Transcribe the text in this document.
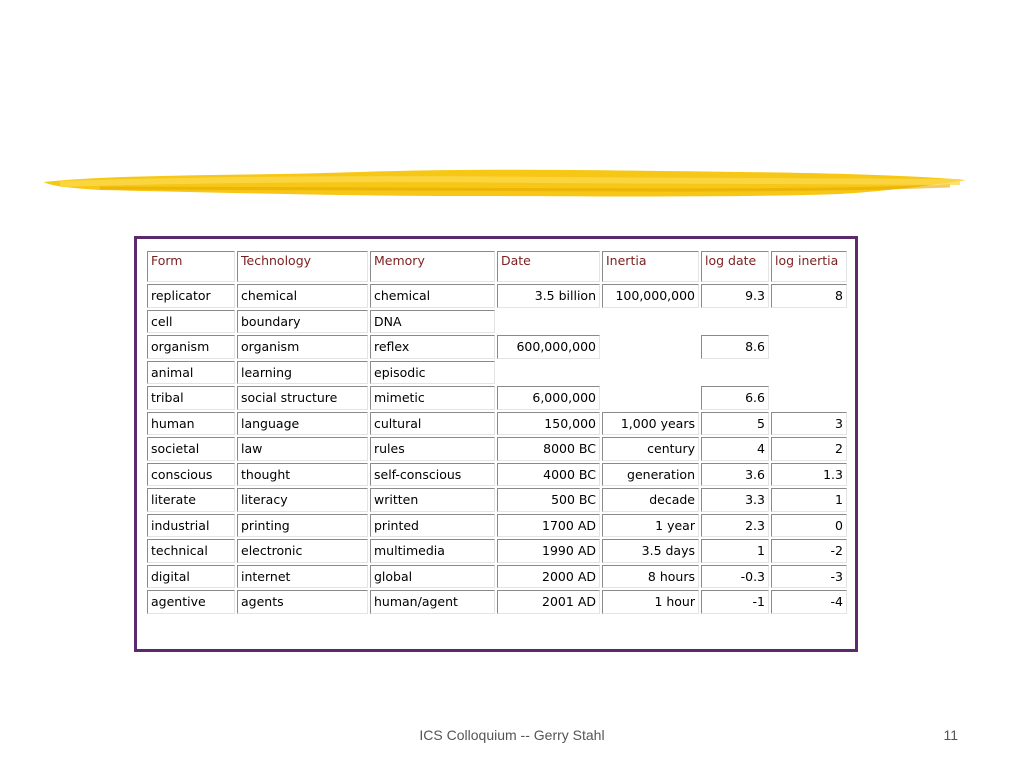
Form	Technology	Memory	Date	Inertia	log date	log inertia
replicator	chemical	chemical	3.5 billion	100,000,000	9.3	8
cell	boundary	DNA				
organism	organism	reflex	600,000,000		8.6	
animal	learning	episodic				
tribal	social structure	mimetic	6,000,000		6.6	
human	language	cultural	150,000	1,000 years	5	3
societal	law	rules	8000 BC	century	4	2
conscious	thought	self-conscious	4000 BC	generation	3.6	1.3
literate	literacy	written	500 BC	decade	3.3	1
industrial	printing	printed	1700 AD	1 year	2.3	0
technical	electronic	multimedia	1990 AD	3.5 days	1	-2
digital	internet	global	2000 AD	8 hours	-0.3	-3
agentive	agents	human/agent	2001 AD	1 hour	-1	-4
ICS Colloquium -- Gerry Stahl	11
